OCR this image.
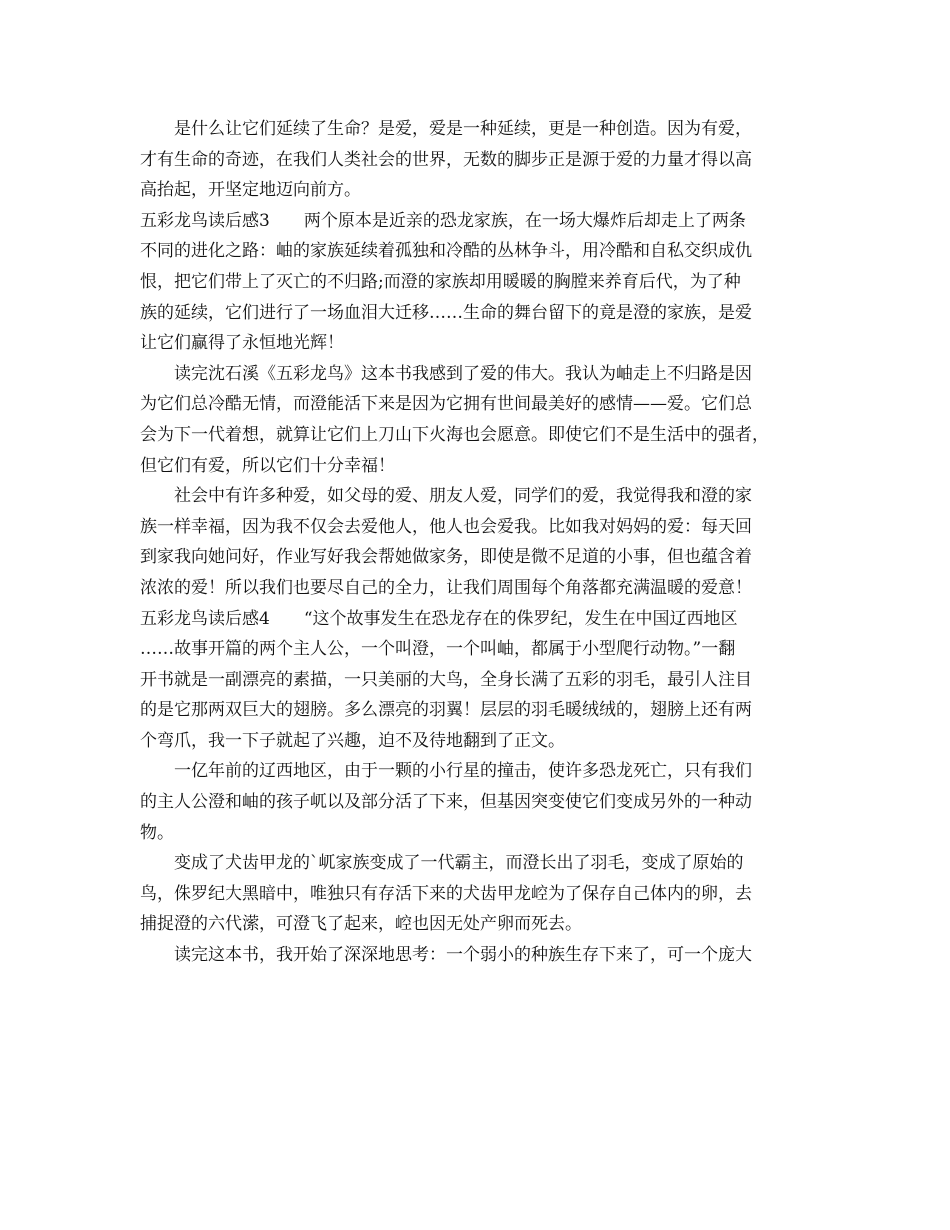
是什么让它们延续了生命？是爱，爱是一种延续，更是一种创造。因为有爱，
才有生命的奇迹，在我们人类社会的世界，无数的脚步正是源于爱的力量才得以高
高抬起，开坚定地迈向前方。
五彩龙鸟读后感3　　两个原本是近亲的恐龙家族，在一场大爆炸后却走上了两条
不同的进化之路：岫的家族延续着孤独和冷酷的丛林争斗，用冷酷和自私交织成仇
恨，把它们带上了灭亡的不归路;而澄的家族却用暖暖的胸膛来养育后代，为了种
族的延续，它们进行了一场血泪大迁移……生命的舞台留下的竟是澄的家族，是爱
让它们赢得了永恒地光辉！
读完沈石溪《五彩龙鸟》这本书我感到了爱的伟大。我认为岫走上不归路是因
为它们总冷酷无情，而澄能活下来是因为它拥有世间最美好的感情——爱。它们总
会为下一代着想，就算让它们上刀山下火海也会愿意。即使它们不是生活中的强者，
但它们有爱，所以它们十分幸福！
社会中有许多种爱，如父母的爱、朋友人爱，同学们的爱，我觉得我和澄的家
族一样幸福，因为我不仅会去爱他人，他人也会爱我。比如我对妈妈的爱：每天回
到家我向她问好，作业写好我会帮她做家务，即使是微不足道的小事，但也蕴含着
浓浓的爱！所以我们也要尽自己的全力，让我们周围每个角落都充满温暖的爱意！
五彩龙鸟读后感4　　“这个故事发生在恐龙存在的侏罗纪，发生在中国辽西地区
……故事开篇的两个主人公，一个叫澄，一个叫岫，都属于小型爬行动物。”一翻
开书就是一副漂亮的素描，一只美丽的大鸟，全身长满了五彩的羽毛，最引人注目
的是它那两双巨大的翅膀。多么漂亮的羽翼！层层的羽毛暖绒绒的，翅膀上还有两
个弯爪，我一下子就起了兴趣，迫不及待地翻到了正文。
一亿年前的辽西地区，由于一颗的小行星的撞击，使许多恐龙死亡，只有我们
的主人公澄和岫的孩子屼以及部分活了下来，但基因突变使它们变成另外的一种动
物。
变成了犬齿甲龙的`屼家族变成了一代霸主，而澄长出了羽毛，变成了原始的
鸟，侏罗纪大黑暗中，唯独只有存活下来的犬齿甲龙崆为了保存自己体内的卵，去
捕捉澄的六代潆，可澄飞了起来，崆也因无处产卵而死去。
读完这本书，我开始了深深地思考：一个弱小的种族生存下来了，可一个庞大
